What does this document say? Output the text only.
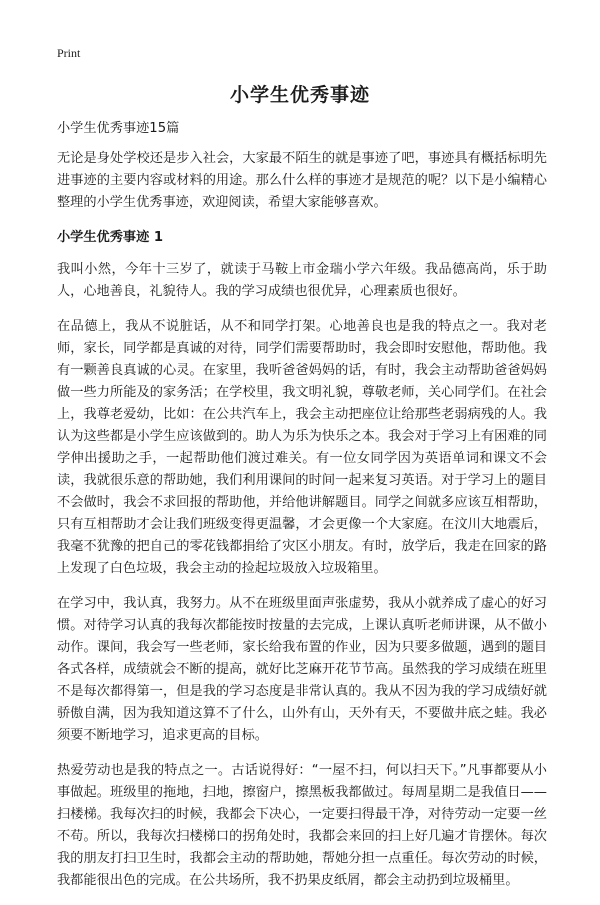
Print
小学生优秀事迹

小学生优秀事迹15篇

无论是身处学校还是步入社会，大家最不陌生的就是事迹了吧，事迹具有概括标明先进事迹的主要内容或材料的用途。那么什么样的事迹才是规范的呢？以下是小编精心整理的小学生优秀事迹，欢迎阅读，希望大家能够喜欢。

小学生优秀事迹 1

我叫小然，今年十三岁了，就读于马鞍上市金瑞小学六年级。我品德高尚，乐于助人，心地善良，礼貌待人。我的学习成绩也很优异，心理素质也很好。

在品德上，我从不说脏话，从不和同学打架。心地善良也是我的特点之一。我对老师，家长，同学都是真诚的对待，同学们需要帮助时，我会即时安慰他，帮助他。我有一颗善良真诚的心灵。在家里，我听爸爸妈妈的话，有时，我会主动帮助爸爸妈妈做一些力所能及的家务活；在学校里，我文明礼貌，尊敬老师，关心同学们。在社会上，我尊老爱幼，比如：在公共汽车上，我会主动把座位让给那些老弱病残的人。我认为这些都是小学生应该做到的。助人为乐为快乐之本。我会对于学习上有困难的同学伸出援助之手，一起帮助他们渡过难关。有一位女同学因为英语单词和课文不会读，我就很乐意的帮助她，我们利用课间的时间一起来复习英语。对于学习上的题目不会做时，我会不求回报的帮助他，并给他讲解题目。同学之间就多应该互相帮助，只有互相帮助才会让我们班级变得更温馨，才会更像一个大家庭。在汶川大地震后，我毫不犹豫的把自己的零花钱都捐给了灾区小朋友。有时，放学后，我走在回家的路上发现了白色垃圾，我会主动的捡起垃圾放入垃圾箱里。

在学习中，我认真，我努力。从不在班级里面声张虚势，我从小就养成了虚心的好习惯。对待学习认真的我每次都能按时按量的去完成，上课认真听老师讲课，从不做小动作。课间，我会写一些老师，家长给我布置的作业，因为只要多做题，遇到的题目各式各样，成绩就会不断的提高，就好比芝麻开花节节高。虽然我的学习成绩在班里不是每次都得第一，但是我的学习态度是非常认真的。我从不因为我的学习成绩好就骄傲自满，因为我知道这算不了什么，山外有山，天外有天，不要做井底之蛙。我必须要不断地学习，追求更高的目标。

热爱劳动也是我的特点之一。古话说得好：“一屋不扫，何以扫天下。”凡事都要从小事做起。班级里的拖地，扫地，擦窗户，擦黑板我都做过。每周星期二是我值日——扫楼梯。我每次扫的时候，我都会下决心，一定要扫得最干净，对待劳动一定要一丝不苟。所以，我每次扫楼梯口的拐角处时，我都会来回的扫上好几遍才肯摆休。每次我的朋友打扫卫生时，我都会主动的帮助她，帮她分担一点重任。每次劳动的时候，我都能很出色的完成。在公共场所，我不扔果皮纸屑，都会主动扔到垃圾桶里。
